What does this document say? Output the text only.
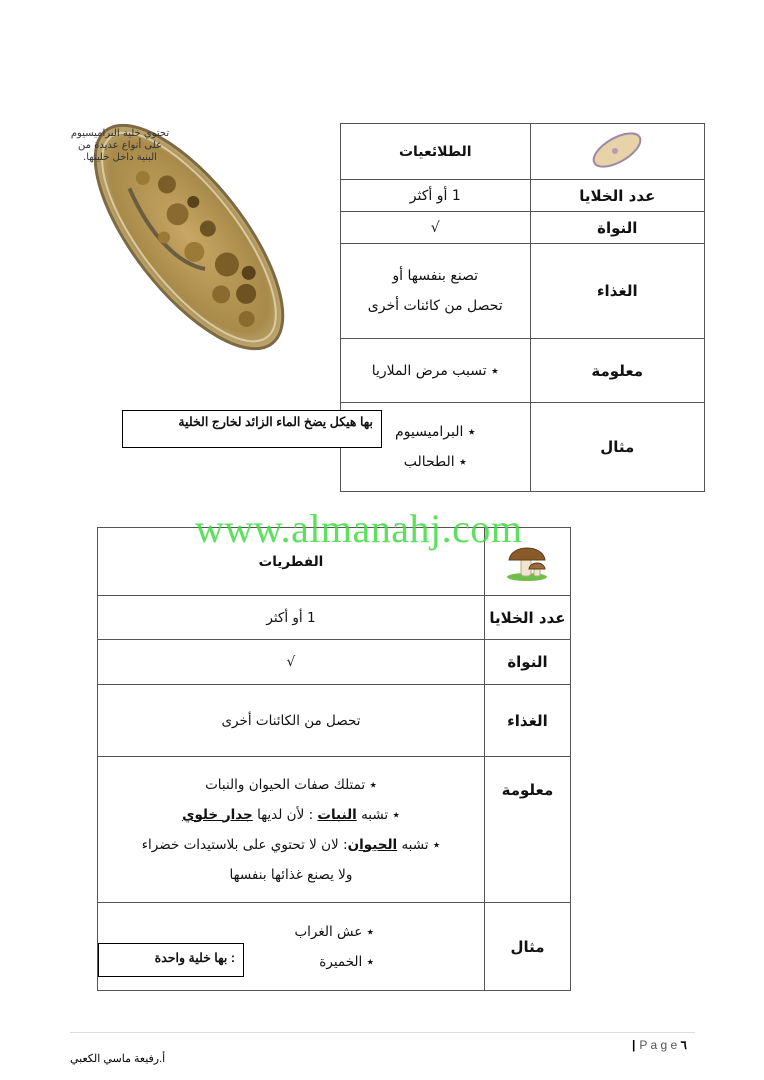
تحتوي خلية البراميسيوم على أنواع عديدة من البنية داخل خليتها.
		الطلائعيات
عدد الخلايا	1 أو أكثر
النواة	√
الغذاء	تصنع بنفسها أو
تحصل من كائنات أخرى

معلومة	٭ تسبب مرض الملاريا
مثال	٭ البراميسيوم
٭ الطحالب
بها هيكل يضخ الماء الزائد لخارج الخلية
	الفطريات
عدد الخلايا	1 أو أكثر
النواة	√
الغذاء	تحصل من الكائنات أخرى
معلومة	٭ تمتلك صفات الحيوان والنبات
٭ تشبه النبات : لأن لديها جدار خلوي
٭ تشبه الحيوان: لان لا تحتوي على بلاستيدات خضراء
ولا يصنع غذائها بنفسها

مثال	٭ عش الغراب
٭ الخميرة
: بها خلية واحدة
www.almanahj.com
| P a g e ٦
أ.رفيعة ماسي الكعبي
